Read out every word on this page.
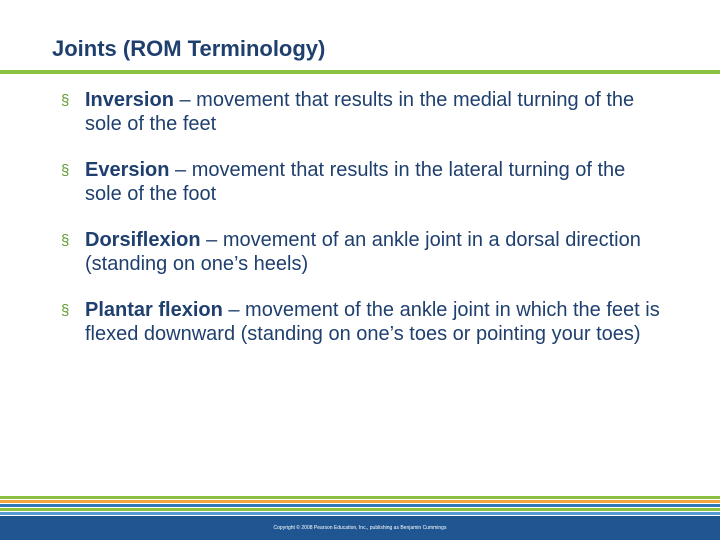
Joints (ROM Terminology)
§ Inversion – movement that results in the medial turning of the sole of the feet
§ Eversion – movement that results in the lateral turning of the sole of the foot
§ Dorsiflexion – movement of an ankle joint in a dorsal direction (standing on one’s heels)
§ Plantar flexion – movement of the ankle joint in which the feet is flexed downward (standing on one’s toes or pointing your toes)
Copyright © 2008 Pearson Education, Inc., publishing as Benjamin Cummings
